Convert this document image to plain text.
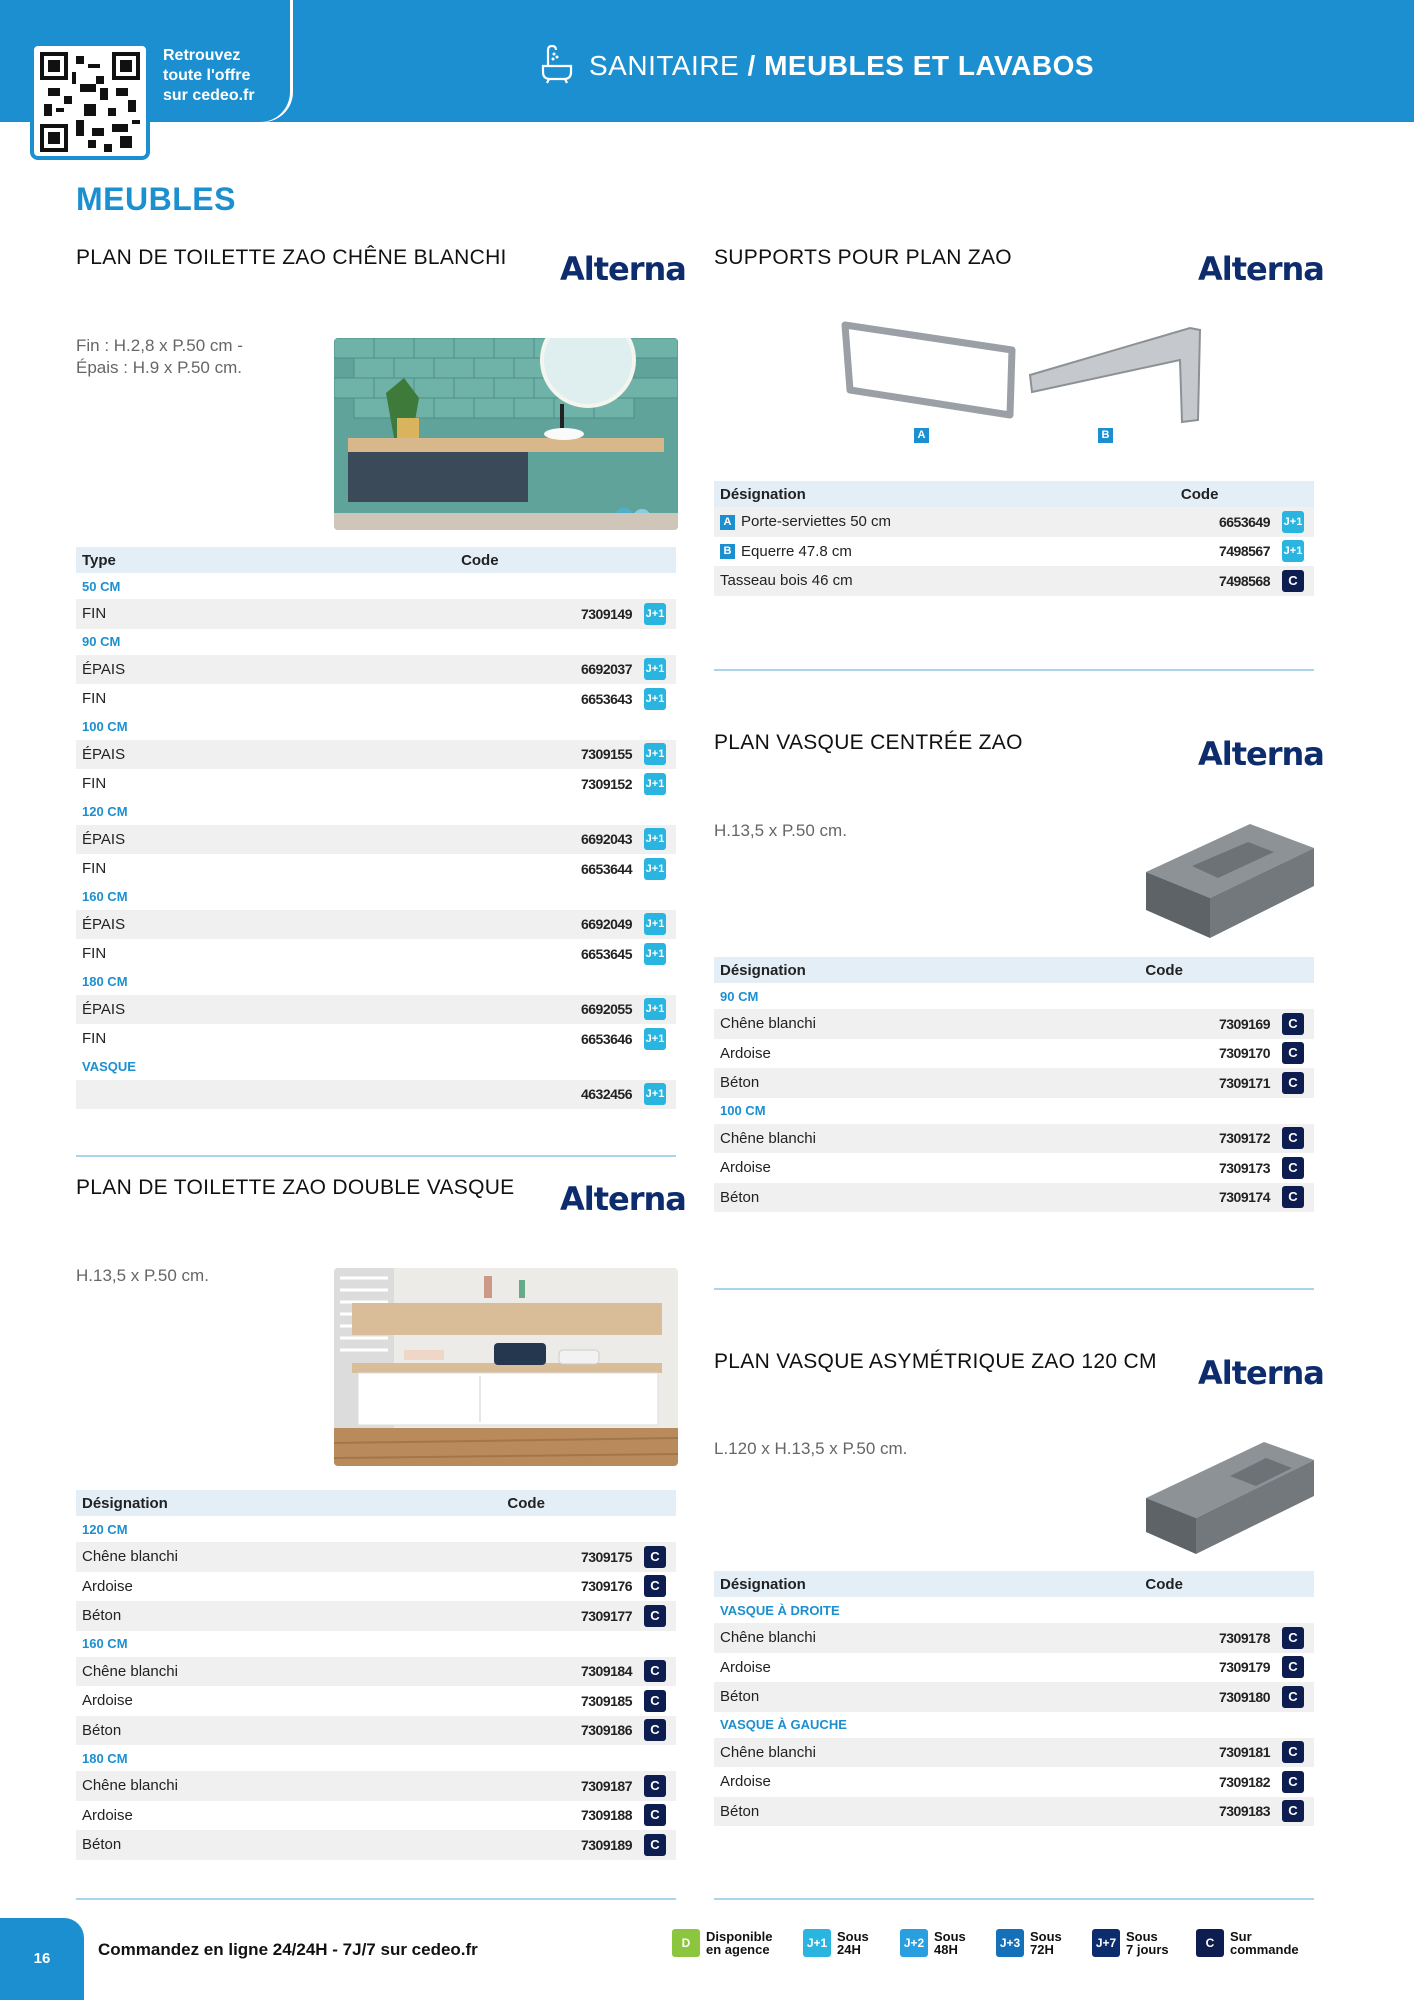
Retrouvez
toute l'offre
sur cedeo.fr
SANITAIRE / MEUBLES ET LAVABOS
MEUBLES
PLAN DE TOILETTE ZAO CHÊNE BLANCHI Alterna
Fin : H.2,8 x P.50 cm -
Épais : H.9 x P.50 cm.
Type	Code	
50 CM		
FIN	7309149	J+1
90 CM		
ÉPAIS	6692037	J+1
FIN	6653643	J+1
100 CM		
ÉPAIS	7309155	J+1
FIN	7309152	J+1
120 CM		
ÉPAIS	6692043	J+1
FIN	6653644	J+1
160 CM		
ÉPAIS	6692049	J+1
FIN	6653645	J+1
180 CM		
ÉPAIS	6692055	J+1
FIN	6653646	J+1
VASQUE		
	4632456	J+1
PLAN DE TOILETTE ZAO DOUBLE VASQUE Alterna
H.13,5 x P.50 cm.
Désignation	Code	
120 CM		
Chêne blanchi	7309175	C
Ardoise	7309176	C
Béton	7309177	C
160 CM		
Chêne blanchi	7309184	C
Ardoise	7309185	C
Béton	7309186	C
180 CM		
Chêne blanchi	7309187	C
Ardoise	7309188	C
Béton	7309189	C
SUPPORTS POUR PLAN ZAO	Alterna
A	B
Désignation	Code	
A Porte-serviettes 50 cm	6653649	J+1
B Equerre 47.8 cm	7498567	J+1
Tasseau bois 46 cm	7498568	C
PLAN VASQUE CENTRÉE ZAO	Alterna
H.13,5 x P.50 cm.
Désignation	Code	
90 CM		
Chêne blanchi	7309169	C
Ardoise	7309170	C
Béton	7309171	C
100 CM		
Chêne blanchi	7309172	C
Ardoise	7309173	C
Béton	7309174	C
PLAN VASQUE ASYMÉTRIQUE ZAO 120 CM Alterna
L.120 x H.13,5 x P.50 cm.
Désignation	Code	
VASQUE À DROITE		
Chêne blanchi	7309178	C
Ardoise	7309179	C
Béton	7309180	C
VASQUE À GAUCHE		
Chêne blanchi	7309181	C
Ardoise	7309182	C
Béton	7309183	C
16	Commandez en ligne 24/24H - 7J/7 sur cedeo.fr	D	Disponible
en agence	J+1 Sous
24H	J+2 Sous
48H	J+3 Sous
72H	J+7 Sous
7 jours	C	Sur
commande
